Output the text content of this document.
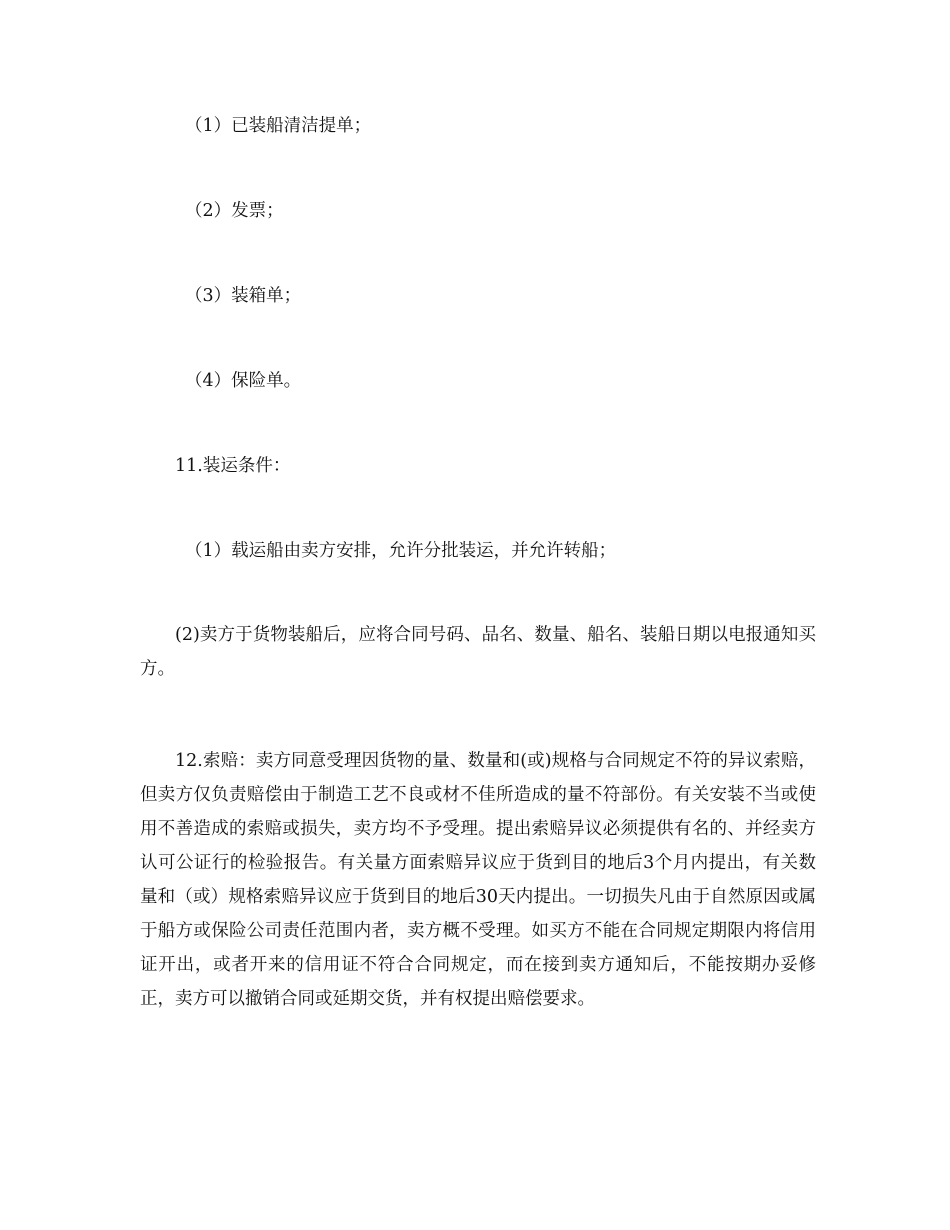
（1）已装船清洁提单；
（2）发票；
（3）装箱单；
（4）保险单。
11.装运条件：
（1）载运船由卖方安排，允许分批装运，并允许转船；
(2)卖方于货物装船后，应将合同号码、品名、数量、船名、装船日期以电报通知买方。
12.索赔：卖方同意受理因货物的量、数量和(或)规格与合同规定不符的异议索赔，但卖方仅负责赔偿由于制造工艺不良或材不佳所造成的量不符部份。有关安装不当或使用不善造成的索赔或损失，卖方均不予受理。提出索赔异议必须提供有名的、并经卖方认可公证行的检验报告。有关量方面索赔异议应于货到目的地后3个月内提出，有关数量和（或）规格索赔异议应于货到目的地后30天内提出。一切损失凡由于自然原因或属于船方或保险公司责任范围内者，卖方概不受理。如买方不能在合同规定期限内将信用证开出，或者开来的信用证不符合合同规定，而在接到卖方通知后，不能按期办妥修正，卖方可以撤销合同或延期交货，并有权提出赔偿要求。
